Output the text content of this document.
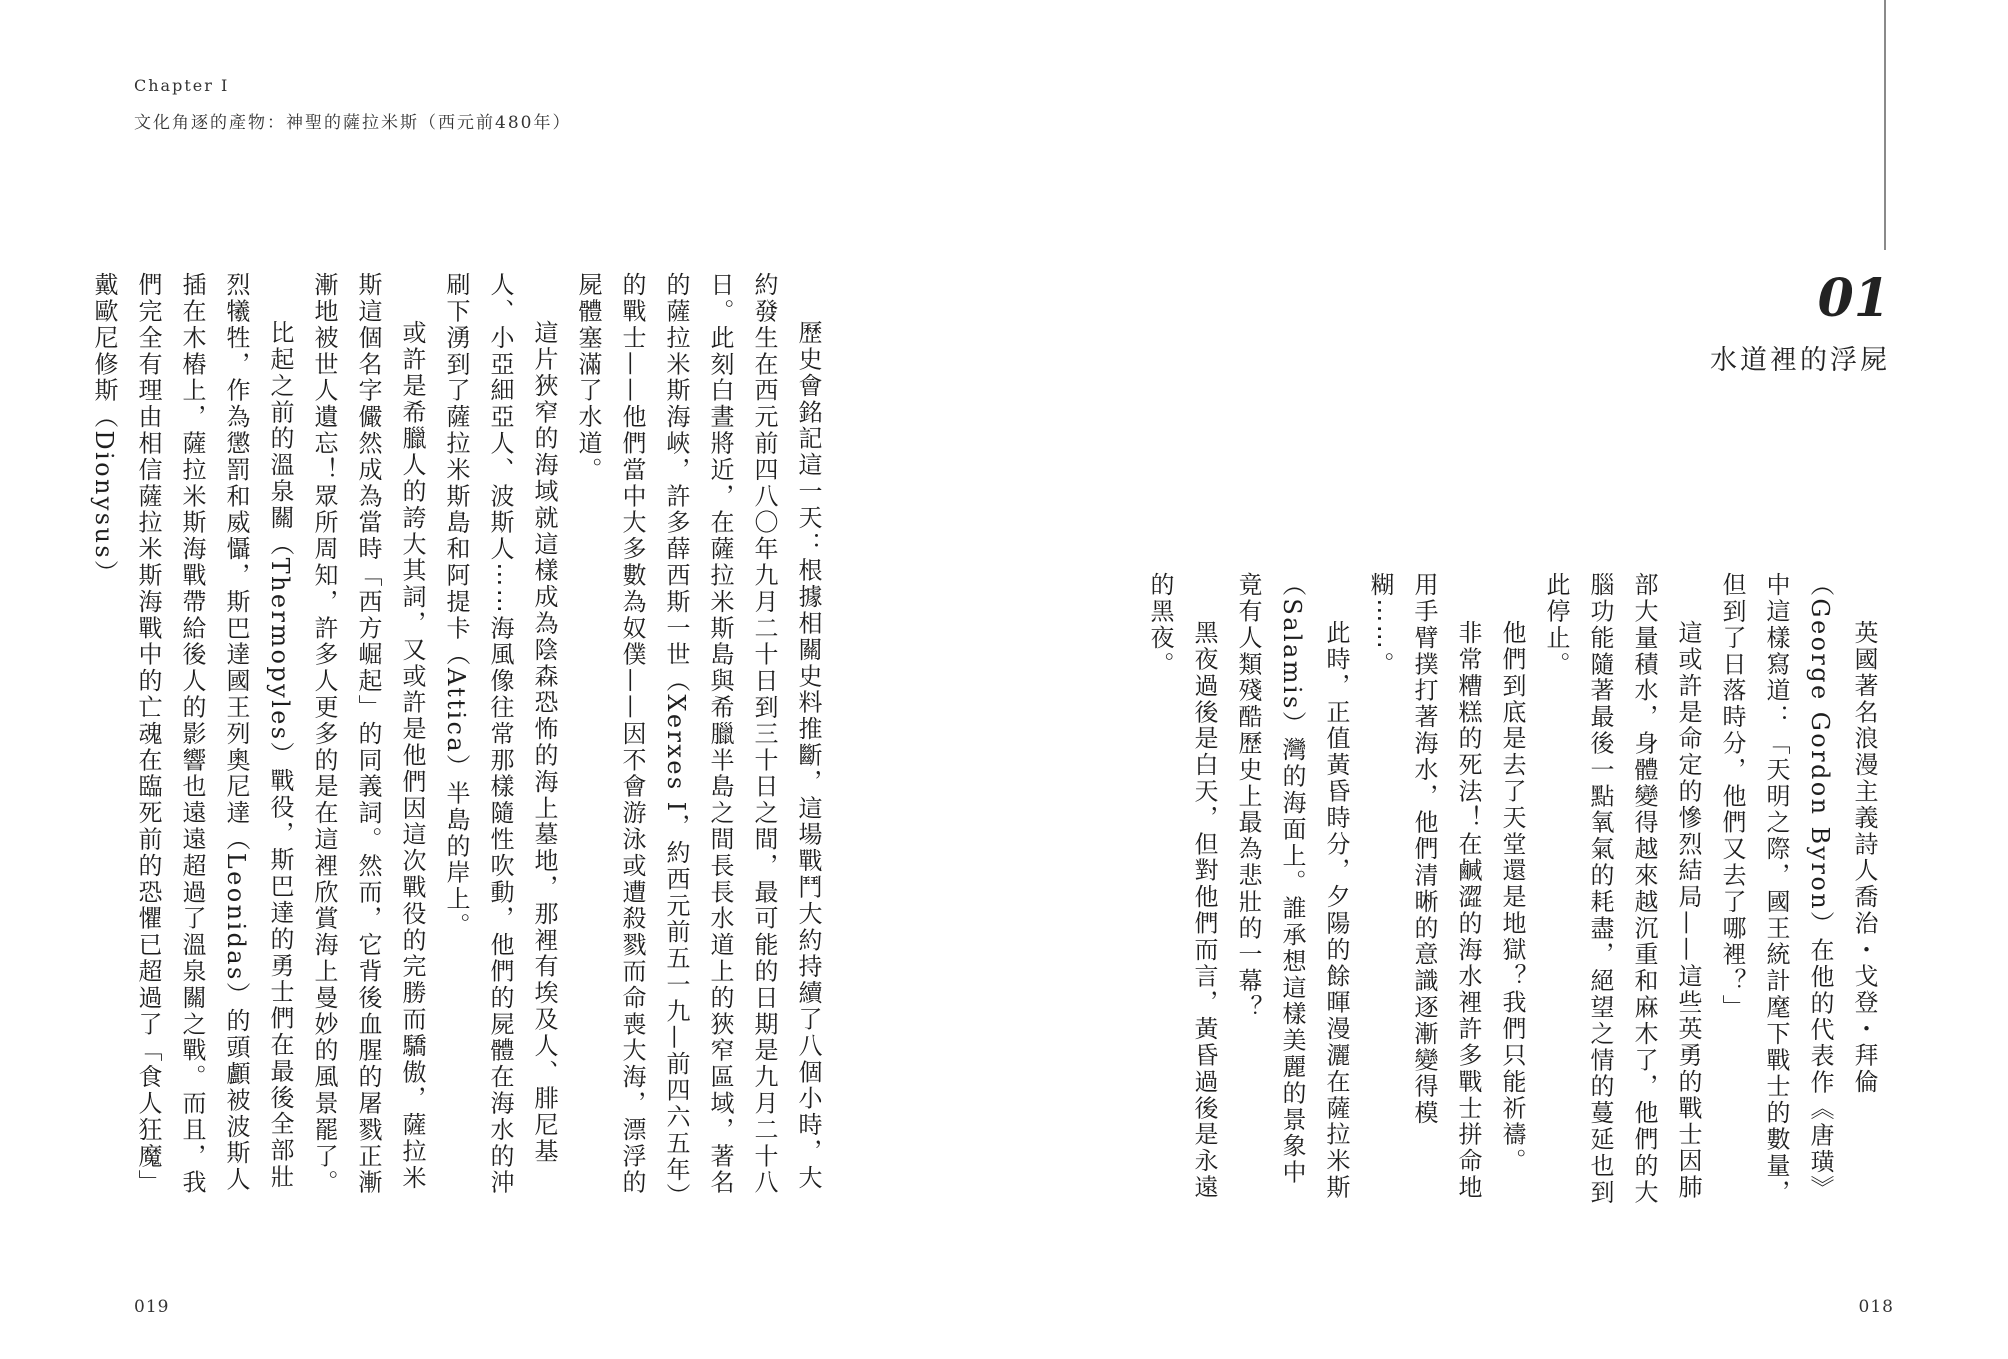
Chapter Ⅰ
文化角逐的產物：神聖的薩拉米斯（西元前480年）
01
水道裡的浮屍

英國著名浪漫主義詩人喬治・戈登・拜倫（George Gordon Byron）在他的代表作《唐璜》中這樣寫道：「天明之際，國王統計麾下戰士的數量，但到了日落時分，他們又去了哪裡？」

這或許是命定的慘烈結局——這些英勇的戰士因肺部大量積水，身體變得越來越沉重和麻木了，他們的大腦功能隨著最後一點氧氣的耗盡，絕望之情的蔓延也到此停止。

他們到底是去了天堂還是地獄？我們只能祈禱。

非常糟糕的死法！在鹹澀的海水裡許多戰士拼命地用手臂撲打著海水，他們清晰的意識逐漸變得模糊⋯⋯。

此時，正值黃昏時分，夕陽的餘暉漫灑在薩拉米斯（Salamis）灣的海面上。誰承想這樣美麗的景象中竟有人類殘酷歷史上最為悲壯的一幕？

黑夜過後是白天，但對他們而言，黃昏過後是永遠的黑夜。

歷史會銘記這一天：根據相關史料推斷，這場戰鬥大約持續了八個小時，大約發生在西元前四八〇年九月二十日到三十日之間，最可能的日期是九月二十八日。此刻白晝將近，在薩拉米斯島與希臘半島之間長長水道上的狹窄區域，著名的薩拉米斯海峽，許多薛西斯一世（Xerxes I，約西元前五一九—前四六五年）的戰士——他們當中大多數為奴僕——因不會游泳或遭殺戮而命喪大海，漂浮的屍體塞滿了水道。

這片狹窄的海域就這樣成為陰森恐怖的海上墓地，那裡有埃及人、腓尼基人、小亞細亞人、波斯人⋯⋯海風像往常那樣隨性吹動，他們的屍體在海水的沖刷下湧到了薩拉米斯島和阿提卡（Attica）半島的岸上。

或許是希臘人的誇大其詞，又或許是他們因這次戰役的完勝而驕傲，薩拉米斯這個名字儼然成為當時「西方崛起」的同義詞。然而，它背後血腥的屠戮正漸漸地被世人遺忘！眾所周知，許多人更多的是在這裡欣賞海上曼妙的風景罷了。

比起之前的溫泉關（Thermopyles）戰役，斯巴達的勇士們在最後全部壯烈犧牲，作為懲罰和威懾，斯巴達國王列奧尼達（Leonidas）的頭顱被波斯人插在木樁上，薩拉米斯海戰帶給後人的影響也遠遠超過了溫泉關之戰。而且，我們完全有理由相信薩拉米斯海戰中的亡魂在臨死前的恐懼已超過了「食人狂魔」戴歐尼修斯（Dionysus）

019	018
